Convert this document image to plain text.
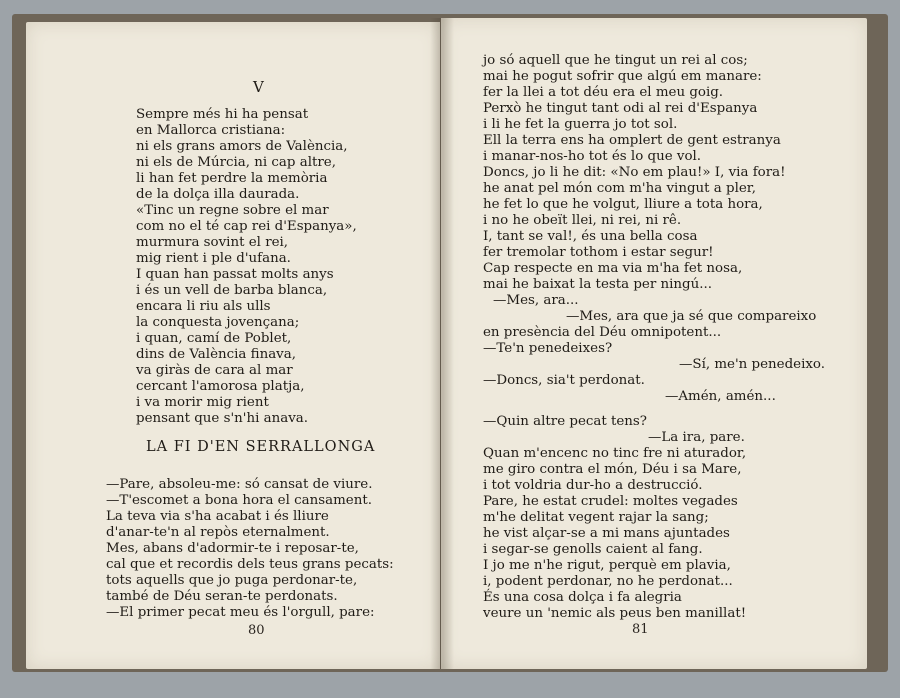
V
Sempre més hi ha pensat
en Mallorca cristiana:
ni els grans amors de València,
ni els de Múrcia, ni cap altre,
li han fet perdre la memòria
de la dolça illa daurada.
«Tinc un regne sobre el mar
com no el té cap rei d'Espanya»,
murmura sovint el rei,
mig rient i ple d'ufana.
I quan han passat molts anys
i és un vell de barba blanca,
encara li riu als ulls
la conquesta jovençana;
i quan, camí de Poblet,
dins de València finava,
va giràs de cara al mar
cercant l'amorosa platja,
i va morir mig rient
pensant que s'n'hi anava.
LA FI D'EN SERRALLONGA
—Pare, absoleu-me: só cansat de viure.
—T'escomet a bona hora el cansament.
La teva via s'ha acabat i és lliure
d'anar-te'n al repòs eternalment.
Mes, abans d'adormir-te i reposar-te,
cal que et recordis dels teus grans pecats:
tots aquells que jo puga perdonar-te,
també de Déu seran-te perdonats.
—El primer pecat meu és l'orgull, pare:
80
jo só aquell que he tingut un rei al cos;
mai he pogut sofrir que algú em manare:
fer la llei a tot déu era el meu goig.
Perxò he tingut tant odi al rei d'Espanya
i li he fet la guerra jo tot sol.
Ell la terra ens ha omplert de gent estranya
i manar-nos-ho tot és lo que vol.
Doncs, jo li he dit: «No em plau!» I, via fora!
he anat pel món com m'ha vingut a pler,
he fet lo que he volgut, lliure a tota hora,
i no he obeït llei, ni rei, ni rê.
I, tant se val!, és una bella cosa
fer tremolar tothom i estar segur!
Cap respecte en ma via m'ha fet nosa,
mai he baixat la testa per ningú...
—Mes, ara...
—Mes, ara que ja sé que compareixo
en presència del Déu omnipotent...
—Te'n penedeixes?
—Sí, me'n penedeixo.
—Doncs, sia't perdonat.
—Amén, amén...
—Quin altre pecat tens?
—La ira, pare.
Quan m'encenc no tinc fre ni aturador,
me giro contra el món, Déu i sa Mare,
i tot voldria dur-ho a destrucció.
Pare, he estat crudel: moltes vegades
m'he delitat vegent rajar la sang;
he vist alçar-se a mi mans ajuntades
i segar-se genolls caient al fang.
I jo me n'he rigut, perquè em plavia,
i, podent perdonar, no he perdonat...
És una cosa dolça i fa alegria
veure un 'nemic als peus ben manillat!
81
